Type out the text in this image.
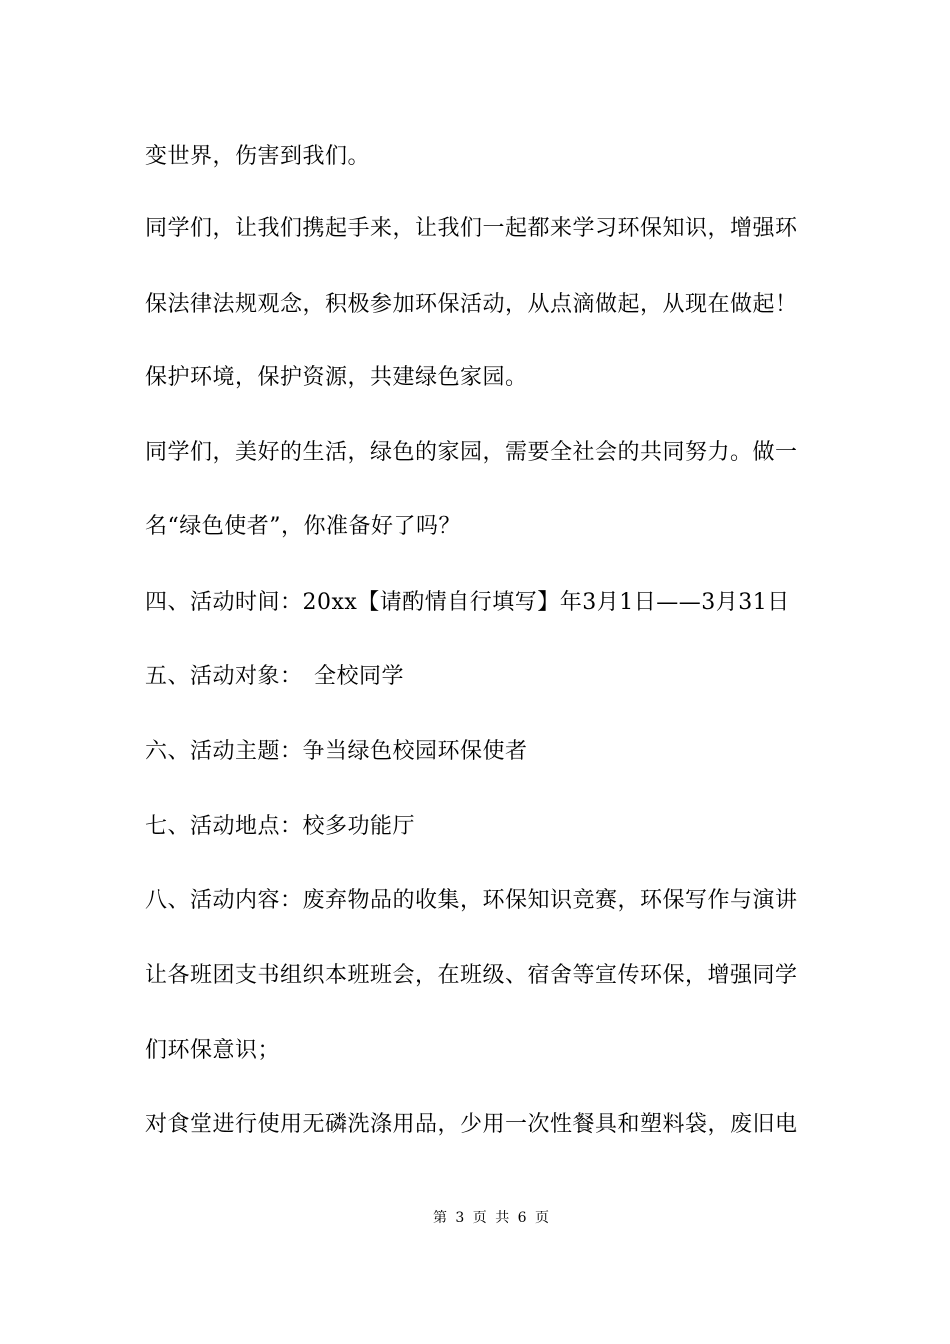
变世界，伤害到我们。
同学们，让我们携起手来，让我们一起都来学习环保知识，增强环
保法律法规观念，积极参加环保活动，从点滴做起，从现在做起！
保护环境，保护资源，共建绿色家园。
同学们，美好的生活，绿色的家园，需要全社会的共同努力。做一
名“绿色使者”，你准备好了吗？
四、活动时间：20xx【请酌情自行填写】年3月1日——3月31日
五、活动对象：　全校同学
六、活动主题：争当绿色校园环保使者
七、活动地点：校多功能厅
八、活动内容：废弃物品的收集，环保知识竞赛，环保写作与演讲
让各班团支书组织本班班会，在班级、宿舍等宣传环保，增强同学
们环保意识；
对食堂进行使用无磷洗涤用品，少用一次性餐具和塑料袋，废旧电
第 3 页 共 6 页
